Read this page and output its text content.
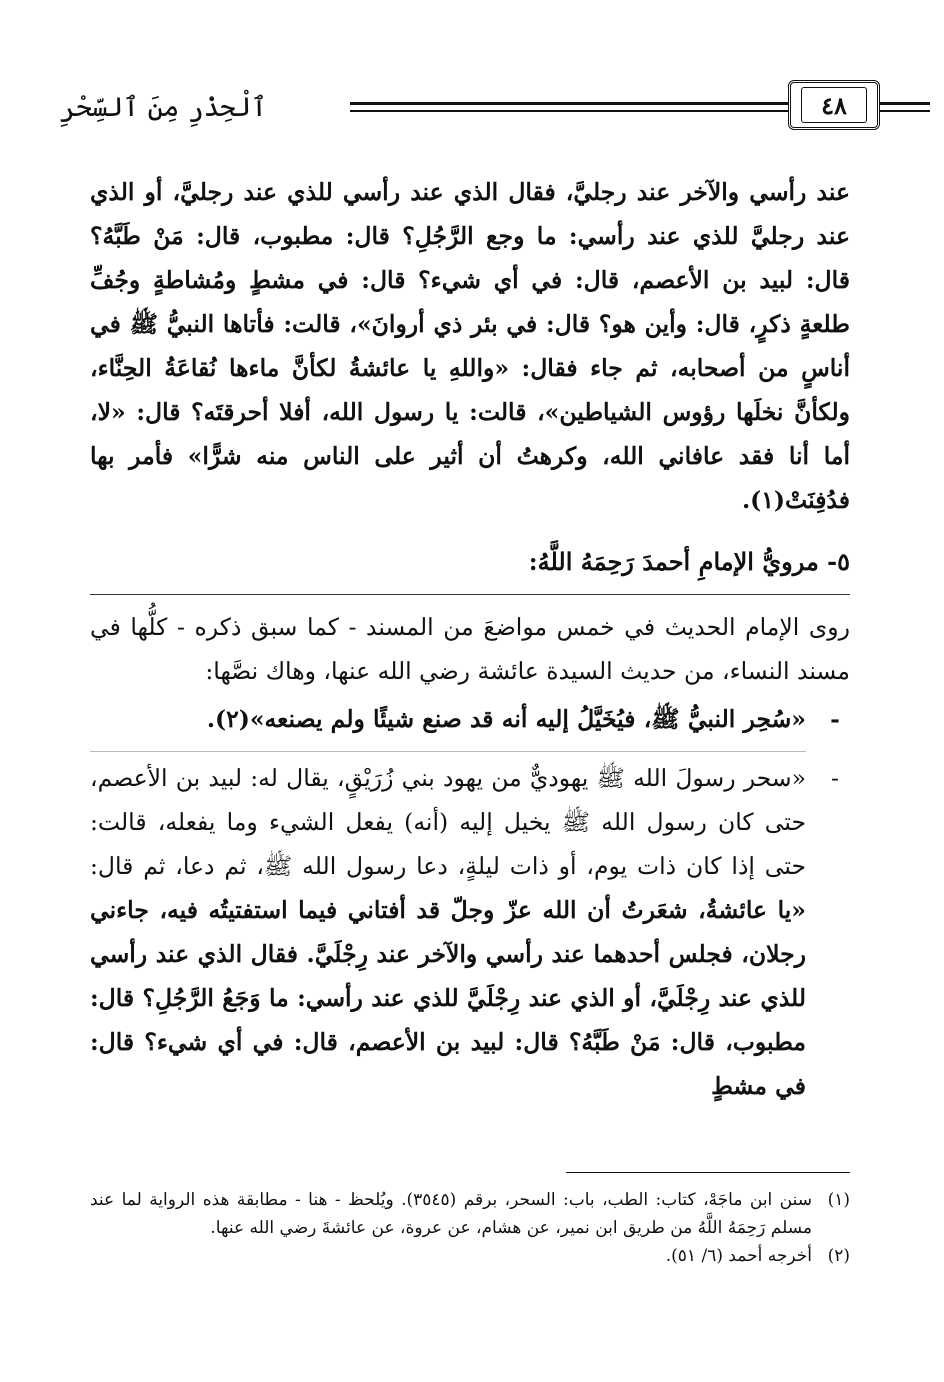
ٱلْحِذْرِ مِنَ ٱلسِّحْرِ	٤٨

عند رأسي والآخر عند رجليَّ، فقال الذي عند رأسي للذي عند رجليَّ، أو الذي عند رجليَّ للذي عند رأسي: ما وجع الرَّجُلِ؟ قال: مطبوب، قال: مَنْ طَبَّهُ؟ قال: لبيد بن الأعصم، قال: في أي شيء؟ قال: في مشطٍ ومُشاطةٍ وجُفِّ طلعةٍ ذكرٍ، قال: وأين هو؟ قال: في بئر ذي أروانَ»، قالت: فأتاها النبيُّ ﷺ في أناسٍ من أصحابه، ثم جاء فقال: «واللهِ يا عائشةُ لكأنَّ ماءها نُقاعَةُ الحِنَّاء، ولكأنَّ نخلَها رؤوس الشياطين»، قالت: يا رسول الله، أفلا أحرقتَه؟ قال: «لا، أما أنا فقد عافاني الله، وكرهتُ أن أثير على الناس منه شرًّا» فأمر بها فدُفِنَتْ(١).

٥- مرويُّ الإمامِ أحمدَ رَحِمَهُ اللَّهُ:

روى الإمام الحديث في خمس مواضعَ من المسند - كما سبق ذكره - كلُّها في مسند النساء، من حديث السيدة عائشة رضي الله عنها، وهاك نصَّها:

-
«سُحِر النبيُّ ﷺ، فيُخَيَّلُ إليه أنه قد صنع شيئًا ولم يصنعه»(٢).
-
«سحر رسولَ الله ﷺ يهوديٌّ من يهود بني زُرَيْقٍ، يقال له: لبيد بن الأعصم، حتى كان رسول الله ﷺ يخيل إليه (أنه) يفعل الشيء وما يفعله، قالت: حتى إذا كان ذات يوم، أو ذات ليلةٍ، دعا رسول الله ﷺ، ثم دعا، ثم قال: «يا عائشةُ، شعَرتُ أن الله عزّ وجلّ قد أفتاني فيما استفتيتُه فيه، جاءني رجلان، فجلس أحدهما عند رأسي والآخر عند رِجْلَيَّ. فقال الذي عند رأسي للذي عند رِجْلَيَّ، أو الذي عند رِجْلَيَّ للذي عند رأسي: ما وَجَعُ الرَّجُلِ؟ قال: مطبوب، قال: مَنْ طَبَّهُ؟ قال: لبيد بن الأعصم، قال: في أي شيء؟ قال: في مشطٍ

(١)
سنن ابن ماجَهْ، كتاب: الطب، باب: السحر، برقم (٣٥٤٥). ويُلحظ - هنا - مطابقة هذه الرواية لما عند مسلم رَحِمَهُ اللَّهُ من طريق ابن نمير، عن هشام، عن عروة، عن عائشةَ رضي الله عنها.

(٢)
أخرجه أحمد (٦/ ٥١).
